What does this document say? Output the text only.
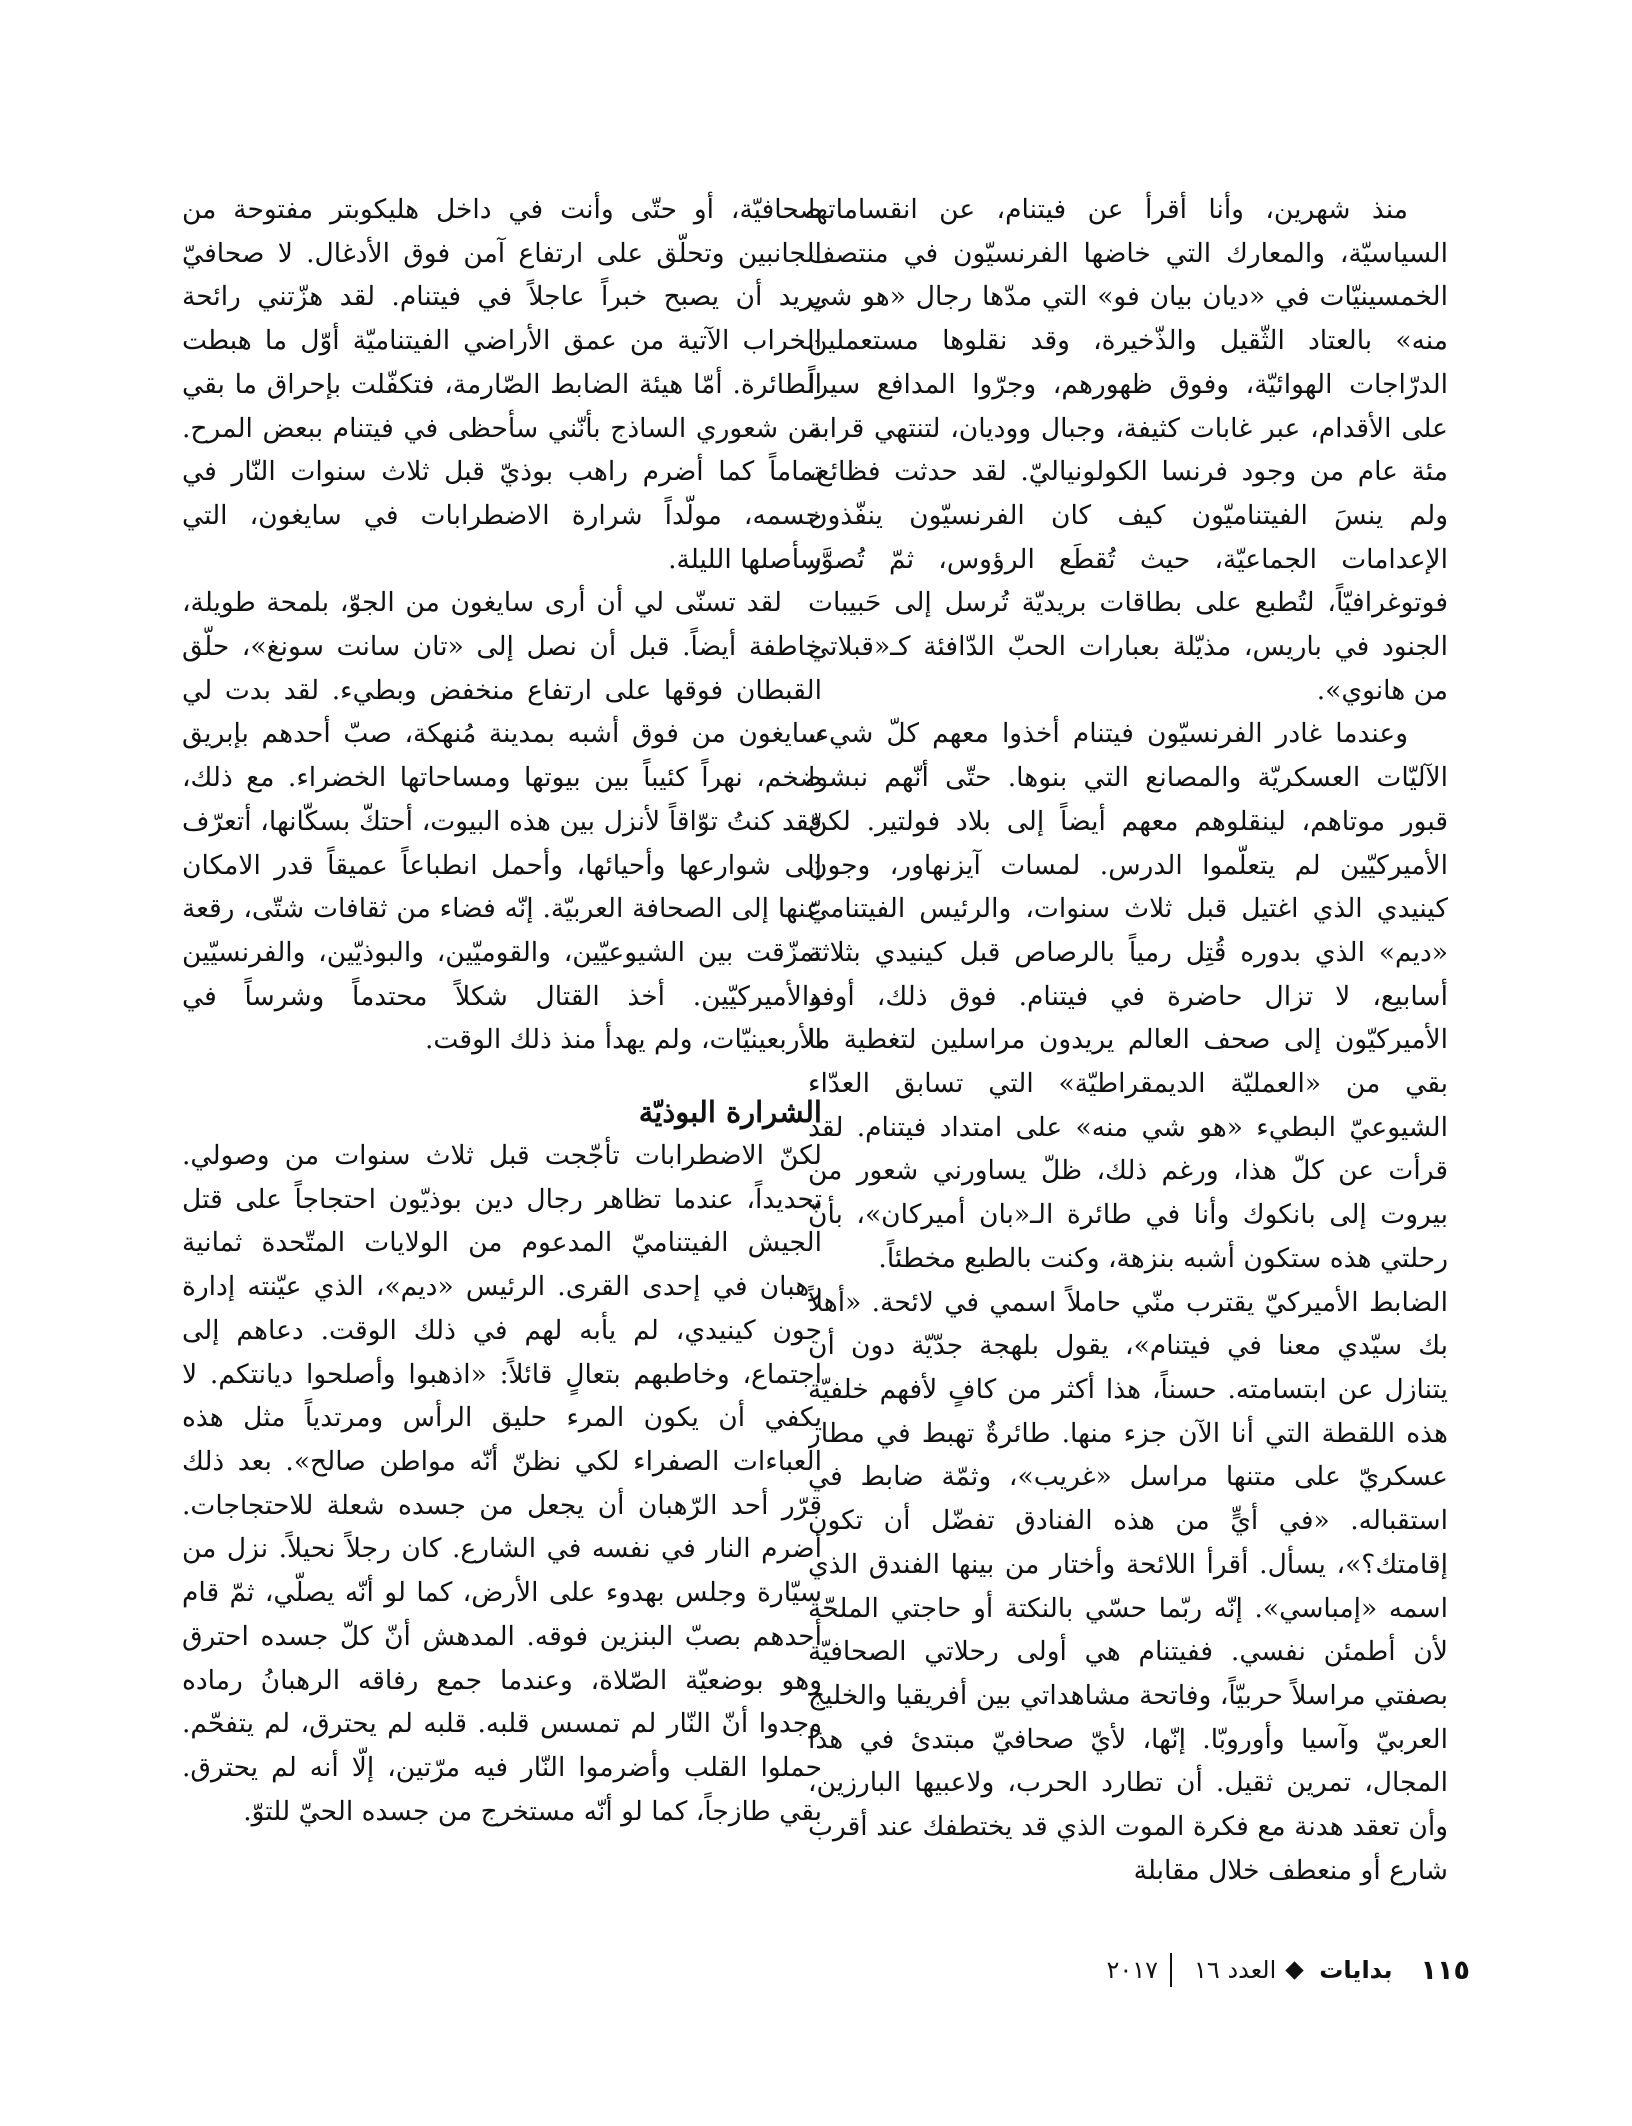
منذ شهرين، وأنا أقرأ عن فيتنام، عن انقساماتها السياسيّة، والمعارك التي خاضها الفرنسيّون في منتصف الخمسينيّات في «ديان بيان فو» التي مدّها رجال «هو شي منه» بالعتاد الثّقيل والذّخيرة، وقد نقلوها مستعملين الدرّاجات الهوائيّة، وفوق ظهورهم، وجرّوا المدافع سيراً على الأقدام، عبر غابات كثيفة، وجبال ووديان، لتنتهي قرابة مئة عام من وجود فرنسا الكولونياليّ. لقد حدثت فظائع، ولم ينسَ الفيتناميّون كيف كان الفرنسيّون ينفّذون الإعدامات الجماعيّة، حيث تُقطَع الرؤوس، ثمّ تُصوَّر فوتوغرافيّاً، لتُطبع على بطاقات بريديّة تُرسل إلى حَبيبات الجنود في باريس، مذيّلة بعبارات الحبّ الدّافئة كـ«قبلاتي من هانوي».

وعندما غادر الفرنسيّون فيتنام أخذوا معهم كلّ شيء، الآليّات العسكريّة والمصانع التي بنوها. حتّى أنّهم نبشوا قبور موتاهم، لينقلوهم معهم أيضاً إلى بلاد فولتير. لكنّ الأميركيّين لم يتعلّموا الدرس. لمسات آيزنهاور، وجون كينيدي الذي اغتيل قبل ثلاث سنوات، والرئيس الفيتناميّ «ديم» الذي بدوره قُتِل رمياً بالرصاص قبل كينيدي بثلاثة أسابيع، لا تزال حاضرة في فيتنام. فوق ذلك، أوفد الأميركيّون إلى صحف العالم يريدون مراسلين لتغطية ما بقي من «العمليّة الديمقراطيّة» التي تسابق العدّاء الشيوعيّ البطيء «هو شي منه» على امتداد فيتنام. لقد قرأت عن كلّ هذا، ورغم ذلك، ظلّ يساورني شعور من بيروت إلى بانكوك وأنا في طائرة الـ«بان أميركان»، بأنّ رحلتي هذه ستكون أشبه بنزهة، وكنت بالطبع مخطئاً.

الضابط الأميركيّ يقترب منّي حاملاً اسمي في لائحة. «أهلاً بك سيّدي معنا في فيتنام»، يقول بلهجة جدّيّة دون أن يتنازل عن ابتسامته. حسناً، هذا أكثر من كافٍ لأفهم خلفيّة هذه اللقطة التي أنا الآن جزء منها. طائرةٌ تهبط في مطار عسكريّ على متنها مراسل «غريب»، وثمّة ضابط في استقباله. «في أيٍّ من هذه الفنادق تفضّل أن تكون إقامتك؟»، يسأل. أقرأ اللائحة وأختار من بينها الفندق الذي اسمه «إمباسي». إنّه ربّما حسّي بالنكتة أو حاجتي الملحّة لأن أطمئن نفسي. ففيتنام هي أولى رحلاتي الصحافيّة بصفتي مراسلاً حربيّاً، وفاتحة مشاهداتي بين أفريقيا والخليج العربيّ وآسيا وأوروبّا. إنّها، لأيّ صحافيّ مبتدئ في هذا المجال، تمرين ثقيل. أن تطارد الحرب، ولاعبيها البارزين، وأن تعقد هدنة مع فكرة الموت الذي قد يختطفك عند أقرب شارع أو منعطف خلال مقابلة

صحافيّة، أو حتّى وأنت في داخل هليكوبتر مفتوحة من الجانبين وتحلّق على ارتفاع آمن فوق الأدغال. لا صحافيّ يريد أن يصبح خبراً عاجلاً في فيتنام. لقد هزّتني رائحة الخراب الآتية من عمق الأراضي الفيتناميّة أوّل ما هبطت الطائرة. أمّا هيئة الضابط الصّارمة، فتكفّلت بإحراق ما بقي من شعوري الساذج بأنّني سأحظى في فيتنام ببعض المرح. تماماً كما أضرم راهب بوذيّ قبل ثلاث سنوات النّار في جسمه، مولّداً شرارة الاضطرابات في سايغون، التي سأصلها الليلة.

لقد تسنّى لي أن أرى سايغون من الجوّ، بلمحة طويلة، خاطفة أيضاً. قبل أن نصل إلى «تان سانت سونغ»، حلّق القبطان فوقها على ارتفاع منخفض وبطيء. لقد بدت لي سايغون من فوق أشبه بمدينة مُنهكة، صبّ أحدهم بإبريق ضخم، نهراً كئيباً بين بيوتها ومساحاتها الخضراء. مع ذلك، فقد كنتُ توّاقاً لأنزل بين هذه البيوت، أحتكّ بسكّانها، أتعرّف إلى شوارعها وأحيائها، وأحمل انطباعاً عميقاً قدر الامكان عنها إلى الصحافة العربيّة. إنّه فضاء من ثقافات شتّى، رقعة تمزّقت بين الشيوعيّين، والقوميّين، والبوذيّين، والفرنسيّين والأميركيّين. أخذ القتال شكلاً محتدماً وشرساً في الأربعينيّات، ولم يهدأ منذ ذلك الوقت.

الشرارة البوذيّة

لكنّ الاضطرابات تأجّجت قبل ثلاث سنوات من وصولي. تحديداً، عندما تظاهر رجال دين بوذيّون احتجاجاً على قتل الجيش الفيتناميّ المدعوم من الولايات المتّحدة ثمانية رهبان في إحدى القرى. الرئيس «ديم»، الذي عيّنته إدارة جون كينيدي، لم يأبه لهم في ذلك الوقت. دعاهم إلى اجتماع، وخاطبهم بتعالٍ قائلاً: «اذهبوا وأصلحوا ديانتكم. لا يكفي أن يكون المرء حليق الرأس ومرتدياً مثل هذه العباءات الصفراء لكي نظنّ أنّه مواطن صالح». بعد ذلك قرّر أحد الرّهبان أن يجعل من جسده شعلة للاحتجاجات. أضرم النار في نفسه في الشارع. كان رجلاً نحيلاً. نزل من سيّارة وجلس بهدوء على الأرض، كما لو أنّه يصلّي، ثمّ قام أحدهم بصبّ البنزين فوقه. المدهش أنّ كلّ جسده احترق وهو بوضعيّة الصّلاة، وعندما جمع رفاقه الرهبانُ رماده وجدوا أنّ النّار لم تمسس قلبه. قلبه لم يحترق، لم يتفحّم. حملوا القلب وأضرموا النّار فيه مرّتين، إلّا أنه لم يحترق. بقي طازجاً، كما لو أنّه مستخرج من جسده الحيّ للتوّ.

١١٥
بدايات
العدد ١٦
٢٠١٧
